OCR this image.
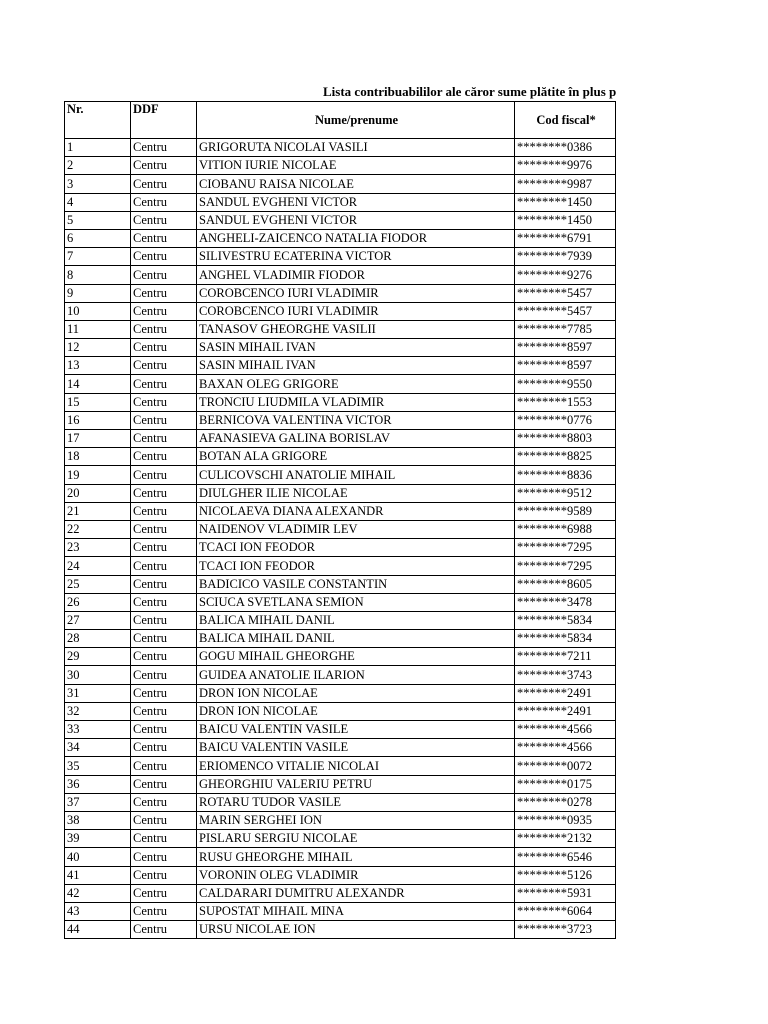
Lista contribuabililor ale căror sume plătite în plus p
Nr.	DDF	Nume/prenume	Cod fiscal*
1	Centru	GRIGORUTA NICOLAI VASILI	********0386
2	Centru	VITION IURIE NICOLAE	********9976
3	Centru	CIOBANU RAISA NICOLAE	********9987
4	Centru	SANDUL EVGHENI VICTOR	********1450
5	Centru	SANDUL EVGHENI VICTOR	********1450
6	Centru	ANGHELI-ZAICENCO NATALIA FIODOR	********6791
7	Centru	SILIVESTRU ECATERINA VICTOR	********7939
8	Centru	ANGHEL VLADIMIR FIODOR	********9276
9	Centru	COROBCENCO IURI VLADIMIR	********5457
10	Centru	COROBCENCO IURI VLADIMIR	********5457
11	Centru	TANASOV GHEORGHE VASILII	********7785
12	Centru	SASIN MIHAIL IVAN	********8597
13	Centru	SASIN MIHAIL IVAN	********8597
14	Centru	BAXAN OLEG GRIGORE	********9550
15	Centru	TRONCIU LIUDMILA VLADIMIR	********1553
16	Centru	BERNICOVA VALENTINA VICTOR	********0776
17	Centru	AFANASIEVA GALINA BORISLAV	********8803
18	Centru	BOTAN ALA GRIGORE	********8825
19	Centru	CULICOVSCHI ANATOLIE MIHAIL	********8836
20	Centru	DIULGHER ILIE NICOLAE	********9512
21	Centru	NICOLAEVA DIANA ALEXANDR	********9589
22	Centru	NAIDENOV VLADIMIR LEV	********6988
23	Centru	TCACI ION FEODOR	********7295
24	Centru	TCACI ION FEODOR	********7295
25	Centru	BADICICO VASILE CONSTANTIN	********8605
26	Centru	SCIUCA SVETLANA SEMION	********3478
27	Centru	BALICA MIHAIL DANIL	********5834
28	Centru	BALICA MIHAIL DANIL	********5834
29	Centru	GOGU MIHAIL GHEORGHE	********7211
30	Centru	GUIDEA ANATOLIE ILARION	********3743
31	Centru	DRON ION NICOLAE	********2491
32	Centru	DRON ION NICOLAE	********2491
33	Centru	BAICU VALENTIN VASILE	********4566
34	Centru	BAICU VALENTIN VASILE	********4566
35	Centru	ERIOMENCO VITALIE NICOLAI	********0072
36	Centru	GHEORGHIU VALERIU PETRU	********0175
37	Centru	ROTARU TUDOR VASILE	********0278
38	Centru	MARIN SERGHEI ION	********0935
39	Centru	PISLARU SERGIU NICOLAE	********2132
40	Centru	RUSU GHEORGHE MIHAIL	********6546
41	Centru	VORONIN OLEG VLADIMIR	********5126
42	Centru	CALDARARI DUMITRU ALEXANDR	********5931
43	Centru	SUPOSTAT MIHAIL MINA	********6064
44	Centru	URSU NICOLAE ION	********3723
